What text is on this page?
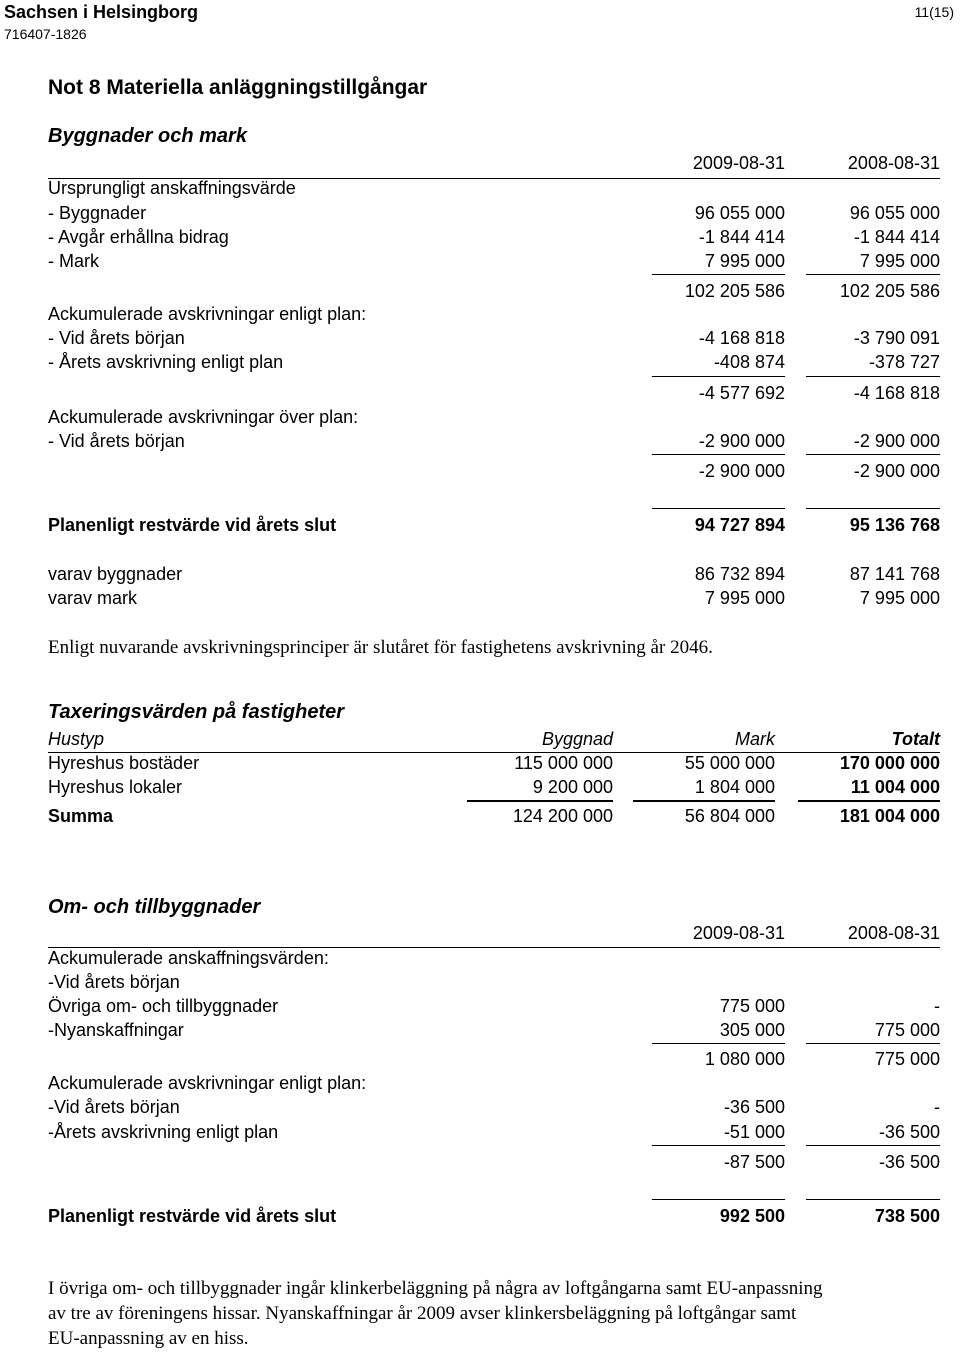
Sachsen i Helsingborg
716407-1826
11(15)
Not 8 Materiella anläggningstillgångar
Byggnader och mark
2009-08-31	2008-08-31
Ursprungligt anskaffningsvärde
- Byggnader	96 055 000	96 055 000
- Avgår erhållna bidrag	-1 844 414	-1 844 414
- Mark	7 995 000	7 995 000
102 205 586	102 205 586
Ackumulerade avskrivningar enligt plan:
- Vid årets början	-4 168 818	-3 790 091
- Årets avskrivning enligt plan	-408 874	-378 727
-4 577 692	-4 168 818
Ackumulerade avskrivningar över plan:
- Vid årets början	-2 900 000	-2 900 000
-2 900 000	-2 900 000
Planenligt restvärde vid årets slut	94 727 894	95 136 768
varav byggnader	86 732 894	87 141 768
varav mark	7 995 000	7 995 000
Enligt nuvarande avskrivningsprinciper är slutåret för fastighetens avskrivning år 2046.
Taxeringsvärden på fastigheter
Hustyp	Byggnad	Mark	Totalt
Hyreshus bostäder	115 000 000	55 000 000	170 000 000
Hyreshus lokaler	9 200 000	1 804 000	11 004 000
Summa	124 200 000	56 804 000	181 004 000
Om- och tillbyggnader
2009-08-31	2008-08-31
Ackumulerade anskaffningsvärden:
-Vid årets början
Övriga om- och tillbyggnader	775 000	-
-Nyanskaffningar	305 000	775 000
1 080 000	775 000
Ackumulerade avskrivningar enligt plan:
-Vid årets början	-36 500	-
-Årets avskrivning enligt plan	-51 000	-36 500
-87 500	-36 500
Planenligt restvärde vid årets slut	992 500	738 500
I övriga om- och tillbyggnader ingår klinkerbeläggning på några av loftgångarna samt EU-anpassning
av tre av föreningens hissar. Nyanskaffningar år 2009 avser klinkersbeläggning på loftgångar samt
EU-anpassning av en hiss.
